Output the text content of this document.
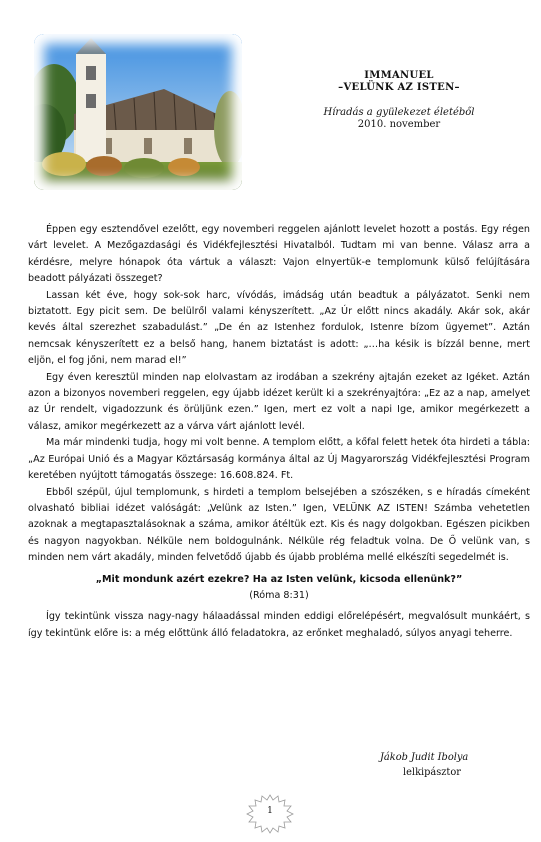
IMMANUEL
–VELÜNK AZ ISTEN–
Híradás a gyülekezet életéből
2010. november

Éppen egy esztendővel ezelőtt, egy novemberi reggelen ajánlott levelet hozott a postás. Egy régen várt levelet. A Mezőgazdasági és Vidékfejlesztési Hivatalból. Tudtam mi van benne. Válasz arra a kérdésre, melyre hónapok óta vártuk a választ: Vajon elnyertük-e templomunk külső felújítására beadott pályázati összeget?

Lassan két éve, hogy sok-sok harc, vívódás, imádság után beadtuk a pályázatot. Senki nem biztatott. Egy picit sem. De belülről valami kényszerített. „Az Úr előtt nincs akadály. Akár sok, akár kevés által szerezhet szabadulást.” „De én az Istenhez fordulok, Istenre bízom ügyemet”. Aztán nemcsak kényszerített ez a belső hang, hanem biztatást is adott: „…ha késik is bízzál benne, mert eljön, el fog jőni, nem marad el!”

Egy éven keresztül minden nap elolvastam az irodában a szekrény ajtaján ezeket az Igéket. Aztán azon a bizonyos novemberi reggelen, egy újabb idézet került ki a szekrényajtóra: „Ez az a nap, amelyet az Úr rendelt, vigadozzunk és örüljünk ezen.” Igen, mert ez volt a napi Ige, amikor megérkezett a válasz, amikor megérkezett az a várva várt ajánlott levél.

Ma már mindenki tudja, hogy mi volt benne. A templom előtt, a kőfal felett hetek óta hirdeti a tábla: „Az Európai Unió és a Magyar Köztársaság kormánya által az Új Magyarország Vidékfejlesztési Program keretében nyújtott támogatás összege: 16.608.824. Ft.

Ebből szépül, újul templomunk, s hirdeti a templom belsejében a szószéken, s e híradás címeként olvasható bibliai idézet valóságát: „Velünk az Isten.” Igen, VELÜNK AZ ISTEN! Számba vehetetlen azoknak a megtapasztalásoknak a száma, amikor átéltük ezt. Kis és nagy dolgokban. Egészen picikben és nagyon nagyokban. Nélküle nem boldogulnánk. Nélküle rég feladtuk volna. De Ő velünk van, s minden nem várt akadály, minden felvetődő újabb és újabb probléma mellé elkészíti segedelmét is.

„Mit mondunk azért ezekre? Ha az Isten velünk, kicsoda ellenünk?”

(Róma 8:31)

Így tekintünk vissza nagy-nagy hálaadással minden eddigi előrelépésért, megvalósult munkáért, s így tekintünk előre is: a még előttünk álló feladatokra, az erőnket meghaladó, súlyos anyagi teherre.

Jákob Judit Ibolya
lelkipásztor
1
